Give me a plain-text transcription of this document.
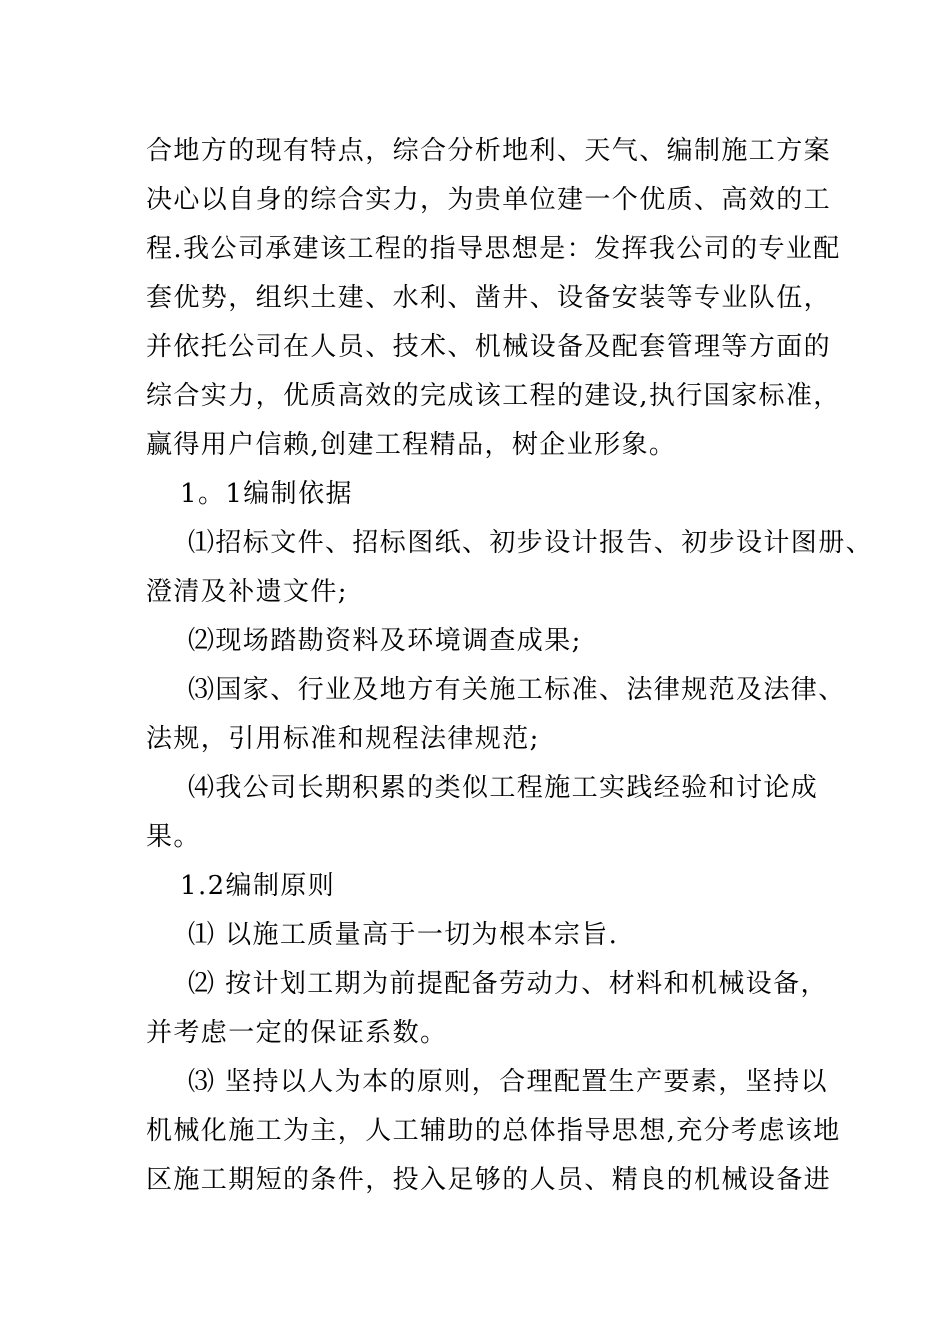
合地方的现有特点，综合分析地利、天气、编制施工方案
决心以自身的综合实力，为贵单位建一个优质、高效的工
程.我公司承建该工程的指导思想是：发挥我公司的专业配
套优势，组织土建、水利、凿井、设备安装等专业队伍，
并依托公司在人员、技术、机械设备及配套管理等方面的
综合实力，优质高效的完成该工程的建设,执行国家标准，
赢得用户信赖,创建工程精品，树企业形象。
1。1编制依据
⑴招标文件、招标图纸、初步设计报告、初步设计图册、
澄清及补遗文件;
⑵现场踏勘资料及环境调查成果;
⑶国家、行业及地方有关施工标准、法律规范及法律、
法规，引用标准和规程法律规范;
⑷我公司长期积累的类似工程施工实践经验和讨论成
果。
1.2编制原则
⑴ 以施工质量高于一切为根本宗旨.
⑵ 按计划工期为前提配备劳动力、材料和机械设备，
并考虑一定的保证系数。
⑶ 坚持以人为本的原则，合理配置生产要素，坚持以
机械化施工为主，人工辅助的总体指导思想,充分考虑该地
区施工期短的条件，投入足够的人员、精良的机械设备进
